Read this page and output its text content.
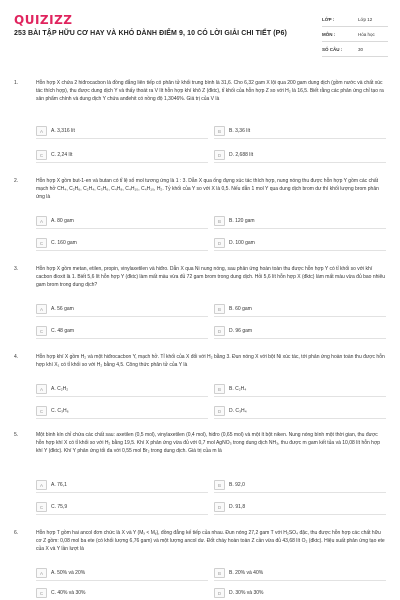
QUIZIZZ
253 BÀI TẬP HỮU CƠ HAY VÀ KHÓ DÀNH ĐIỂM 9, 10 CÓ LỜI GIẢI CHI TIẾT (P6)
LỚP :	Lớp 12
MÔN :	Hóa học
SỐ CÂU :	30
1.	Hỗn hợp X chứa 2 hiđrocacbon là đồng đẳng liên tiếp có phân tử khối trung bình là 31,6. Cho 6,32 gam X lội qua 200 gam dung dịch (gồm nước và chất xúc tác thích hợp), thu được dung dịch Y và thấy thoát ra V lít hỗn hợp khí khô Z (đktc), tỉ khối của hỗn hợp Z so với H₂ là 16,5. Biết rằng các phản ứng chỉ tạo ra sản phẩm chính và dung dịch Y chứa anđehit có nồng độ 1,3046%. Giá trị của V là
A	A. 3,316 lít	B	B. 3,36 lít
C	C. 2,24 lít	D	D. 2,688 lít
2.	Hỗn hợp X gồm but-1-en và butan có tỉ lệ số mol tương ứng là 1 : 3. Dẫn X qua ống đựng xúc tác thích hợp, nung nóng thu được hỗn hợp Y gồm các chất mạch hở CH₄, C₂H₆, C₂H₄, C₃H₆, C₄H₈, C₄H₁₀, C₄H₁₀, H₂. Tỷ khối của Y so với X là 0,5. Nếu dẫn 1 mol Y qua dung dịch brom dư thì khối lượng brom phản ứng là
A	A. 80 gam	B	B. 120 gam
C	C. 160 gam	D	D. 100 gam
3.	Hỗn hợp X gồm metan, etilen, propin, vinylaxetilen và hiđro. Dẫn X qua Ni nung nóng, sau phản ứng hoàn toàn thu được hỗn hợp Y có tỉ khối so với khí cacbon đioxit là 1. Biết 5,6 lít hỗn hợp Y (đktc) làm mất màu vừa đủ 72 gam brom trong dung dịch. Hỏi 5,6 lít hỗn hợp X (đktc) làm mất màu vừa đủ bao nhiêu gam brom trong dung dịch?
A	A. 56 gam	B	B. 60 gam
C	C. 48 gam	D	D. 96 gam
4.	Hỗn hợp khí X gồm H₂ và một hiđrocacbon Y, mạch hở. Tỉ khối của X đối với H₂ bằng 3. Đun nóng X với bột Ni xúc tác, tới phản ứng hoàn toàn thu được hỗn hợp khí X₁ có tỉ khối so với H₂ bằng 4,5. Công thức phân tử của Y là
A	A. C₂H₂	B	B. C₂H₄
C	C. C₃H₆	D	D. C₃H₄
5.	Một bình kín chỉ chứa các chất sau: axetilen (0,5 mol), vinylaxetilen (0,4 mol), hiđro (0,65 mol) và một ít bột niken. Nung nóng bình một thời gian, thu được hỗn hợp khí X có tỉ khối so với H₂ bằng 19,5. Khí X phản ứng vừa đủ với 0,7 mol AgNO₃ trong dung dịch NH₃, thu được m gam kết tủa và 10,08 lít hỗn hợp khí Y (đktc). Khí Y phản ứng tối đa với 0,55 mol Br₂ trong dung dịch. Giá trị của m là
A	A. 76,1	B	B. 92,0
C	C. 75,9	D	D. 91,8
6.	Hỗn hợp T gồm hai ancol đơn chức là X và Y (Mₓ < Mᵧ), đồng đẳng kế tiếp của nhau. Đun nóng 27,2 gam T với H₂SO₄ đặc, thu được hỗn hợp các chất hữu cơ Z gồm: 0,08 mol ba ete (có khối lượng 6,76 gam) và một lượng ancol dư. Đốt cháy hoàn toàn Z cần vừa đủ 43,68 lít O₂ (đktc). Hiệu suất phản ứng tạo ete của X và Y lần lượt là
A	A. 50% và 20%	B	B. 20% và 40%
C	C. 40% và 30%	D	D. 30% và 30%
